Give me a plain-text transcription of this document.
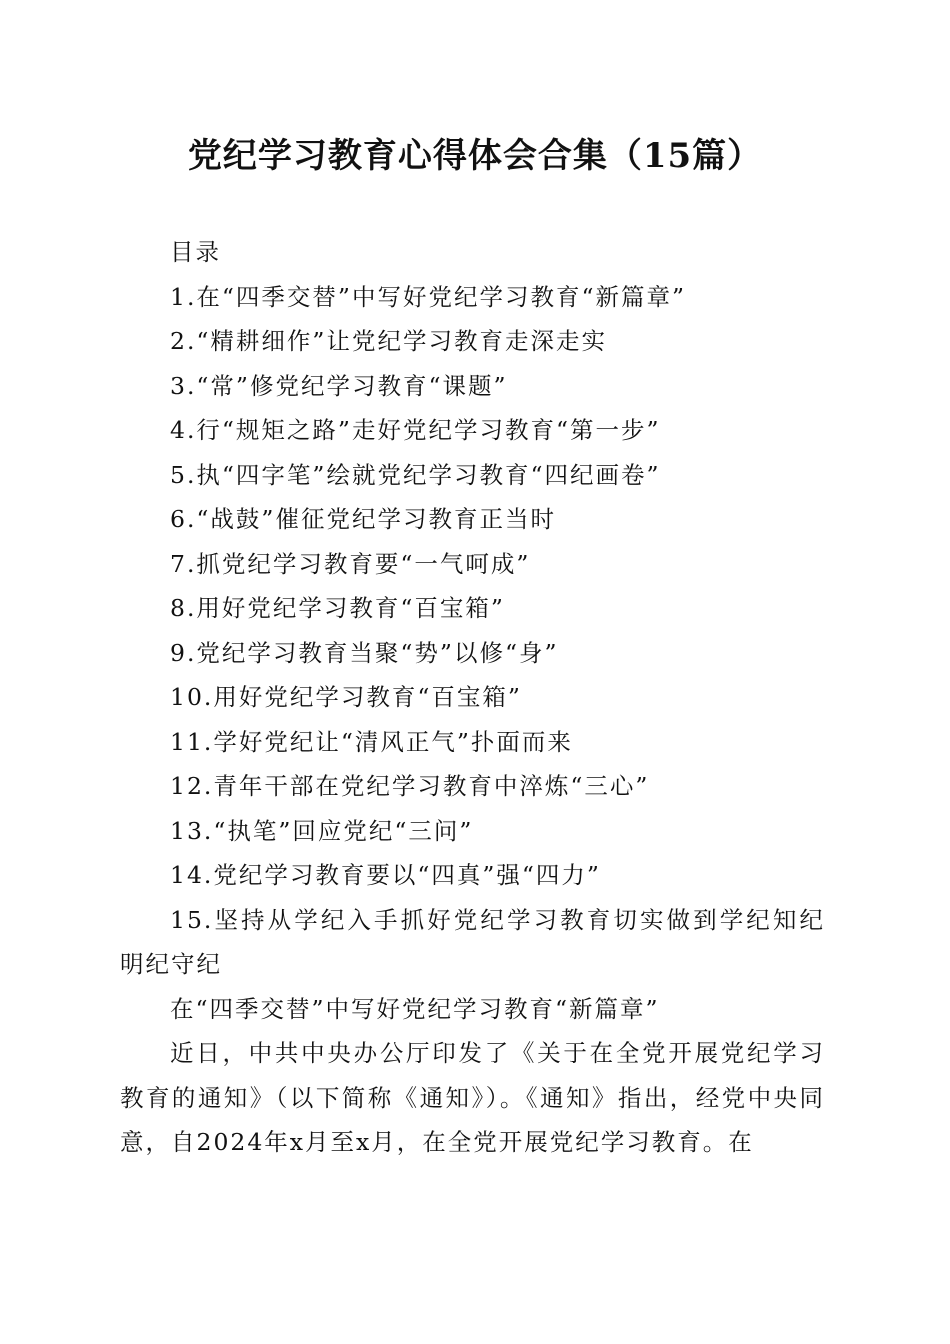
党纪学习教育心得体会合集（15篇）

目录

1.在“四季交替”中写好党纪学习教育“新篇章”

2.“精耕细作”让党纪学习教育走深走实

3.“常”修党纪学习教育“课题”

4.行“规矩之路”走好党纪学习教育“第一步”

5.执“四字笔”绘就党纪学习教育“四纪画卷”

6.“战鼓”催征党纪学习教育正当时

7.抓党纪学习教育要“一气呵成”

8.用好党纪学习教育“百宝箱”

9.党纪学习教育当聚“势”以修“身”

10.用好党纪学习教育“百宝箱”

11.学好党纪让“清风正气”扑面而来

12.青年干部在党纪学习教育中淬炼“三心”

13.“执笔”回应党纪“三问”

14.党纪学习教育要以“四真”强“四力”

15.坚持从学纪入手抓好党纪学习教育切实做到学纪知纪明纪守纪

在“四季交替”中写好党纪学习教育“新篇章”

近日，中共中央办公厅印发了《关于在全党开展党纪学习教育的通知》（以下简称《通知》）。《通知》指出，经党中央同意，自2024年x月至x月，在全党开展党纪学习教育。在
